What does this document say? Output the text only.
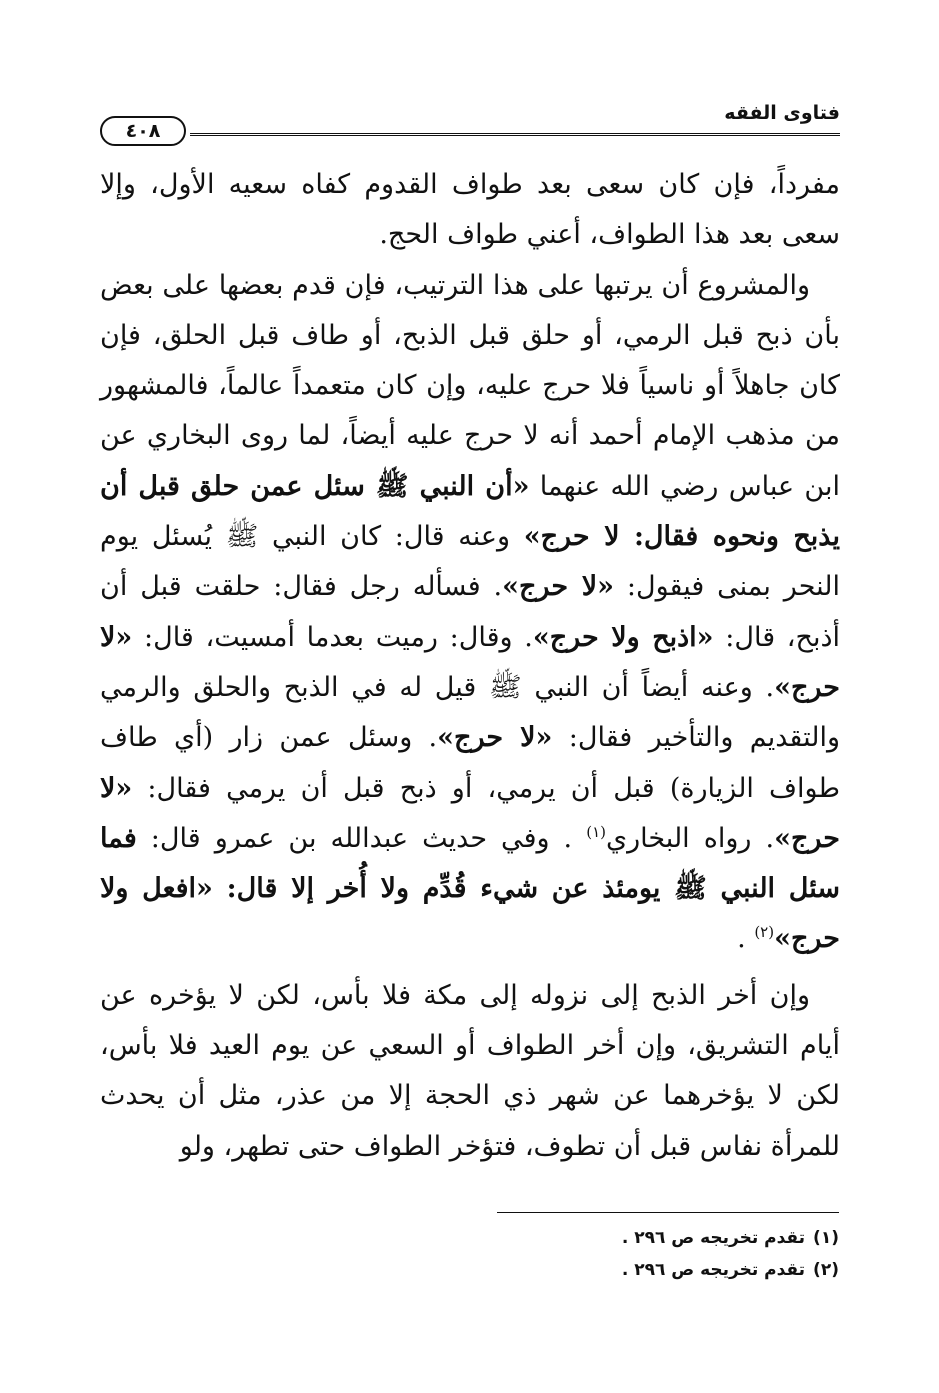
فتاوى الفقه
٤٠٨

مفرداً، فإن كان سعى بعد طواف القدوم كفاه سعيه الأول، وإلا سعى بعد هذا الطواف، أعني طواف الحج.

والمشروع أن يرتبها على هذا الترتيب، فإن قدم بعضها على بعض بأن ذبح قبل الرمي، أو حلق قبل الذبح، أو طاف قبل الحلق، فإن كان جاهلاً أو ناسياً فلا حرج عليه، وإن كان متعمداً عالماً، فالمشهور من مذهب الإمام أحمد أنه لا حرج عليه أيضاً، لما روى البخاري عن ابن عباس رضي الله عنهما «أن النبي ﷺ سئل عمن حلق قبل أن يذبح ونحوه فقال: لا حرج» وعنه قال: كان النبي ﷺ يُسئل يوم النحر بمنى فيقول: «لا حرج». فسأله رجل فقال: حلقت قبل أن أذبح، قال: «اذبح ولا حرج». وقال: رميت بعدما أمسيت، قال: «لا حرج». وعنه أيضاً أن النبي ﷺ قيل له في الذبح والحلق والرمي والتقديم والتأخير فقال: «لا حرج». وسئل عمن زار (أي طاف طواف الزيارة) قبل أن يرمي، أو ذبح قبل أن يرمي فقال: «لا حرج». رواه البخاري$^{(١)}$ . وفي حديث عبدالله بن عمرو قال: فما سئل النبي ﷺ يومئذ عن شيء قُدِّم ولا أُخر إلا قال: «افعل ولا حرج»$^{(٢)}$ .

وإن أخر الذبح إلى نزوله إلى مكة فلا بأس، لكن لا يؤخره عن أيام التشريق، وإن أخر الطواف أو السعي عن يوم العيد فلا بأس، لكن لا يؤخرهما عن شهر ذي الحجة إلا من عذر، مثل أن يحدث للمرأة نفاس قبل أن تطوف، فتؤخر الطواف حتى تطهر، ولو

(١)تقدم تخريجه ص ٢٩٦ .

(٢)تقدم تخريجه ص ٢٩٦ .
